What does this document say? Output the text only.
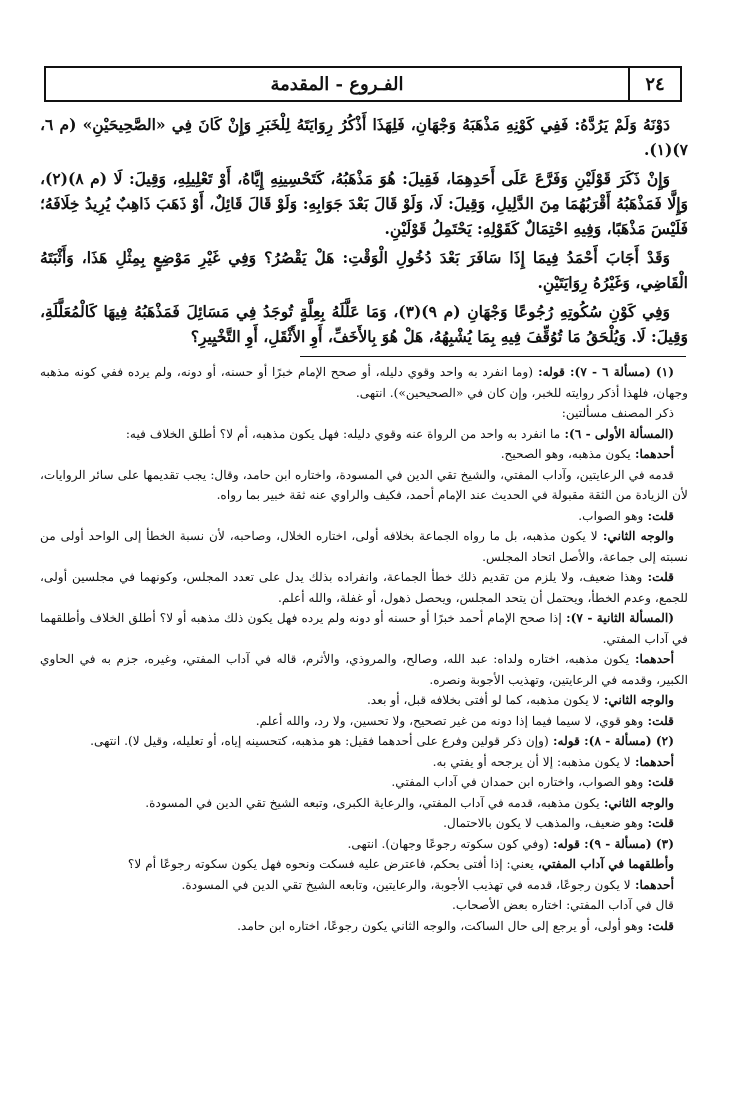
الفـروع - المقدمة	٢٤

دَوْنَهُ وَلَمْ يَرُدَّهُ: فَفِي كَوْنِهِ مَذْهَبَهُ وَجْهَانِ، فَلِهَذَا أَذْكُرُ رِوَايَتَهُ لِلْخَبَرِ وَإِنْ كَانَ فِي «الصَّحِيحَيْنِ» (م ٦، ٧)(١).

وَإِنْ ذَكَرَ قَوْلَيْنِ وَفَرَّعَ عَلَى أَحَدِهِمَا، فَقِيلَ: هُوَ مَذْهَبُهُ، كَتَحْسِينِهِ إِيَّاهُ، أَوْ تَعْلِيلِهِ، وَقِيلَ: لَا (م ٨)(٢)، وَإِلَّا فَمَذْهَبُهُ أَقْرَبُهُمَا مِنَ الدَّلِيلِ، وَقِيلَ: لَا، وَلَوْ قَالَ بَعْدَ جَوَابِهِ: وَلَوْ قَالَ قَائِلٌ، أَوْ ذَهَبَ ذَاهِبٌ يُرِيدُ خِلَافَهُ؛ فَلَيْسَ مَذْهَبًا، وَفِيهِ احْتِمَالٌ كَقَوْلِهِ: يَحْتَمِلُ قَوْلَيْنِ.

وَقَدْ أَجَابَ أَحْمَدُ فِيمَا إِذَا سَافَرَ بَعْدَ دُخُولِ الْوَقْتِ: هَلْ يَقْصُرُ؟ وَفِي غَيْرِ مَوْضِعٍ بِمِثْلِ هَذَا، وَأَثْبَتَهُ الْقَاضِي، وَغَيْرُهُ رِوَايَتَيْنِ.

وَفِي كَوْنِ سُكُوتِهِ رُجُوعًا وَجْهَانِ (م ٩)(٣)، وَمَا عَلَّلَهُ بِعِلَّةٍ تُوجَدُ فِي مَسَائِلَ فَمَذْهَبُهُ فِيهَا كَالْمُعَلَّلَةِ، وَقِيلَ: لَا. وَيُلْحَقُ مَا تُوُقِّفَ فِيهِ بِمَا يُشْبِهُهُ، هَلْ هُوَ بِالأَخَفِّ، أَوِ الأَثْقَلِ، أَوِ التَّخْيِيرِ؟

(١) (مسألة ٦ - ٧): قوله: (وما انفرد به واحد وقوي دليله، أو صحح الإمام خبرًا أو حسنه، أو دونه، ولم يرده ففي كونه مذهبه وجهان، فلهذا أذكر روايته للخبر، وإن كان في «الصحيحين»). انتهى.

ذكر المصنف مسألتين:

(المسألة الأولى - ٦): ما انفرد به واحد من الرواة عنه وقوي دليله: فهل يكون مذهبه، أم لا؟ أطلق الخلاف فيه:

أحدهما: يكون مذهبه، وهو الصحيح.

قدمه في الرعايتين، وآداب المفتي، والشيخ تقي الدين في المسودة، واختاره ابن حامد، وقال: يجب تقديمها على سائر الروايات، لأن الزيادة من الثقة مقبولة في الحديث عند الإمام أحمد، فكيف والراوي عنه ثقة خبير بما رواه.

قلت: وهو الصواب.

والوجه الثاني: لا يكون مذهبه، بل ما رواه الجماعة بخلافه أولى، اختاره الخلال، وصاحبه، لأن نسبة الخطأ إلى الواحد أولى من نسبته إلى جماعة، والأصل اتحاد المجلس.

قلت: وهذا ضعيف، ولا يلزم من تقديم ذلك خطأ الجماعة، وانفراده بذلك يدل على تعدد المجلس، وكونهما في مجلسين أولى، للجمع، وعدم الخطأ، ويحتمل أن يتحد المجلس، ويحصل ذهول، أو غفلة، والله أعلم.

(المسألة الثانية - ٧): إذا صحح الإمام أحمد خبرًا أو حسنه أو دونه ولم يرده فهل يكون ذلك مذهبه أو لا؟ أطلق الخلاف وأطلقهما في آداب المفتي.

أحدهما: يكون مذهبه، اختاره ولداه: عبد الله، وصالح، والمروذي، والأثرم، قاله في آداب المفتي، وغيره، جزم به في الحاوي الكبير، وقدمه في الرعايتين، وتهذيب الأجوبة ونصره.

والوجه الثاني: لا يكون مذهبه، كما لو أفتى بخلافه قبل، أو بعد.

قلت: وهو قوي، لا سيما فيما إذا دونه من غير تصحيح، ولا تحسين، ولا رد، والله أعلم.

(٢) (مسألة - ٨): قوله: (وإن ذكر قولين وفرع على أحدهما فقيل: هو مذهبه، كتحسينه إياه، أو تعليله، وقيل لا). انتهى.

أحدهما: لا يكون مذهبه: إلا أن يرجحه أو يفتي به.

قلت: وهو الصواب، واختاره ابن حمدان في آداب المفتي.

والوجه الثاني: يكون مذهبه، قدمه في آداب المفتي، والرعاية الكبرى، وتبعه الشيخ تقي الدين في المسودة.

قلت: وهو ضعيف، والمذهب لا يكون بالاحتمال.

(٣) (مسألة - ٩): قوله: (وفي كون سكوته رجوعًا وجهان). انتهى.

وأطلقهما في آداب المفتي، يعني: إذا أفتى بحكم، فاعترض عليه فسكت ونحوه فهل يكون سكوته رجوعًا أم لا؟

أحدهما: لا يكون رجوعًا، قدمه في تهذيب الأجوبة، والرعايتين، وتابعه الشيخ تقي الدين في المسودة.

قال في آداب المفتي: اختاره بعض الأصحاب.

قلت: وهو أولى، أو يرجع إلى حال الساكت، والوجه الثاني يكون رجوعًا، اختاره ابن حامد.
